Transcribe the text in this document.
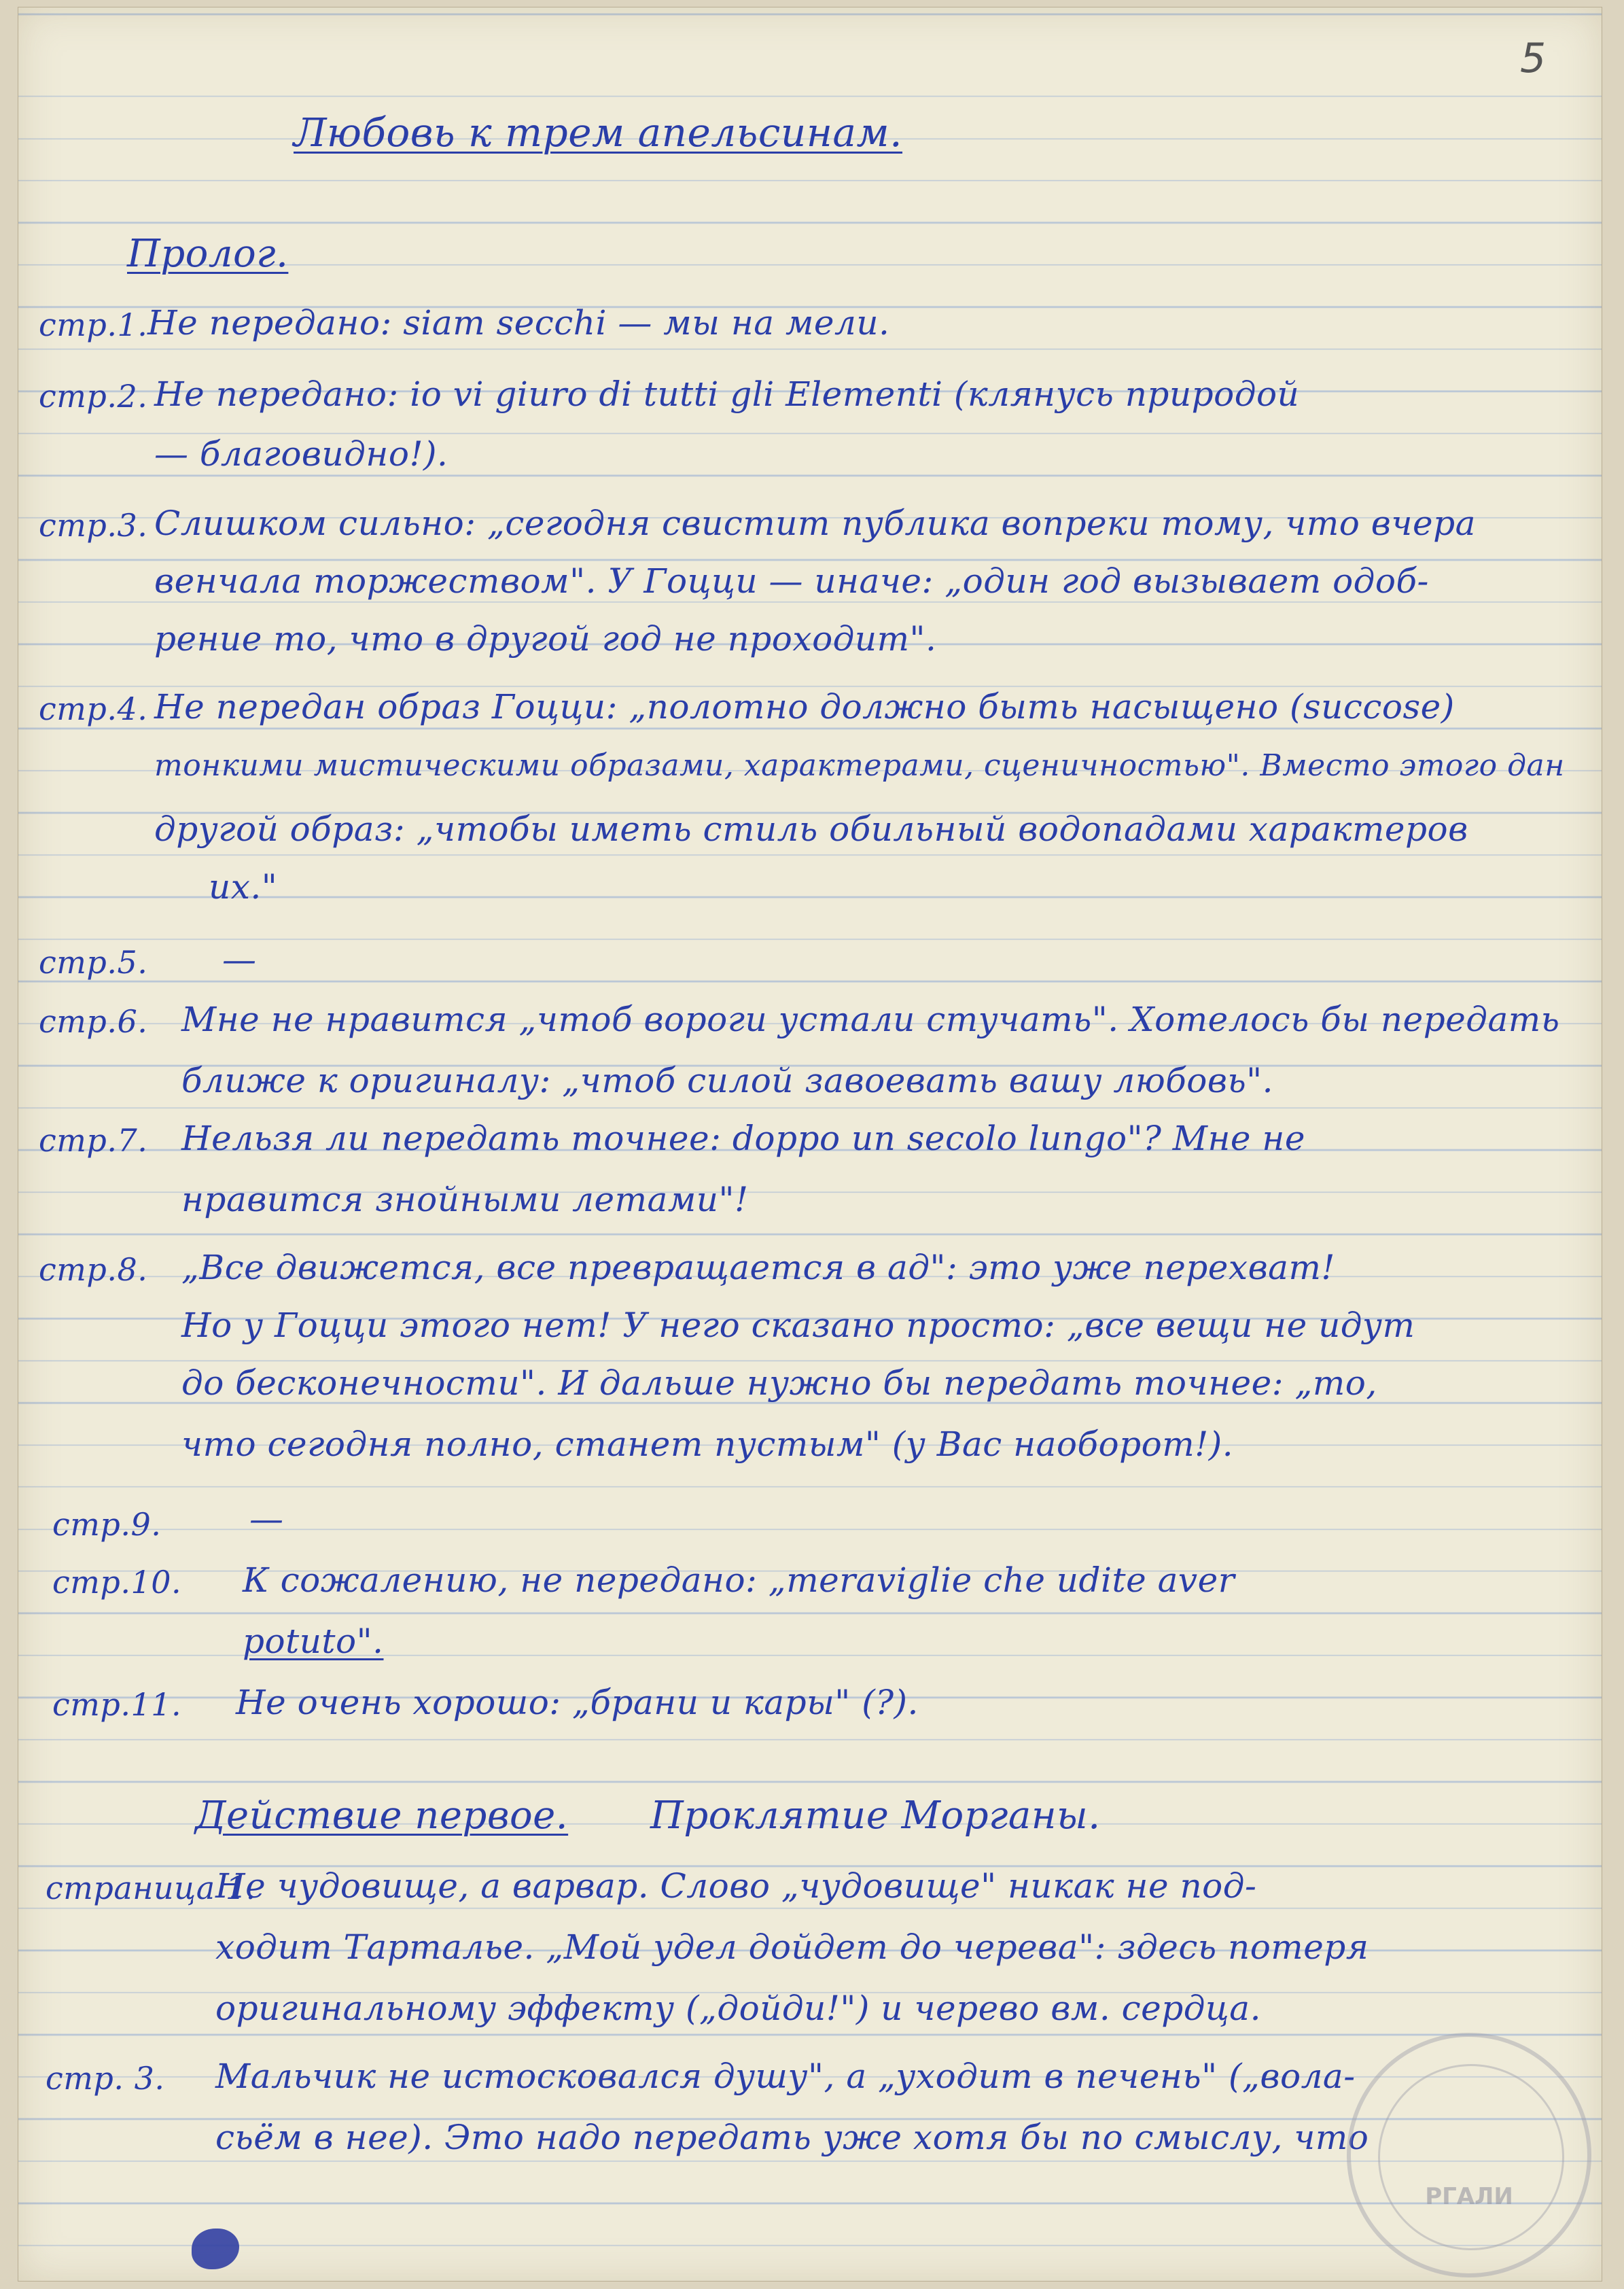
5
Любовь к трем апельсинам.
Пролог.
стр.1. Не передано: siam secchi — мы на мели.
стр.2. Не передано: io vi giuro di tutti gli Elementi (клянусь природой
— благовидно!).
стр.3. Слишком сильно: „сегодня свистит публика вопреки тому, что вчера
венчала торжеством". У Гоцци — иначе: „один год вызывает одоб-
рение то, что в другой год не проходит".
стр.4. Не передан образ Гоцци: „полотно должно быть насыщено (succose)
тонкими мистическими образами, характерами, сценичностью". Вместо этого дан
другой образ: „чтобы иметь стиль обильный водопадами характеров
их."
стр.5. —
стр.6. Мне не нравится „чтоб вороги устали стучать". Хотелось бы передать
ближе к оригиналу: „чтоб силой завоевать вашу любовь".
стр.7. Нельзя ли передать точнее: doppo un secolo lungo"? Мне не
нравится знойными летами"!
стр.8. „Все движется, все превращается в ад": это уже перехват!
Но у Гоцци этого нет! У него сказано просто: „все вещи не идут
до бесконечности". И дальше нужно бы передать точнее: „то,
что сегодня полно, станет пустым" (у Вас наоборот!).
стр.9.	—
стр.10. К сожалению, не передано: „meraviglie che udite aver
potuto".
стр.11. Не очень хорошо: „брани и кары" (?).
Действие первое. Проклятие Морганы.
страница 1.
Не чудовище, а варвар. Слово „чудовище" никак не под-
ходит Тарталье. „Мой удел дойдет до черева": здесь потеря
оригинальному эффекту („дойди!") и черево вм. сердца.
стр. 3. Мальчик не истосковался душу", а „уходит в печень" („вола-
сьём в нее). Это надо передать уже хотя бы по смыслу, что
РГАЛИ
